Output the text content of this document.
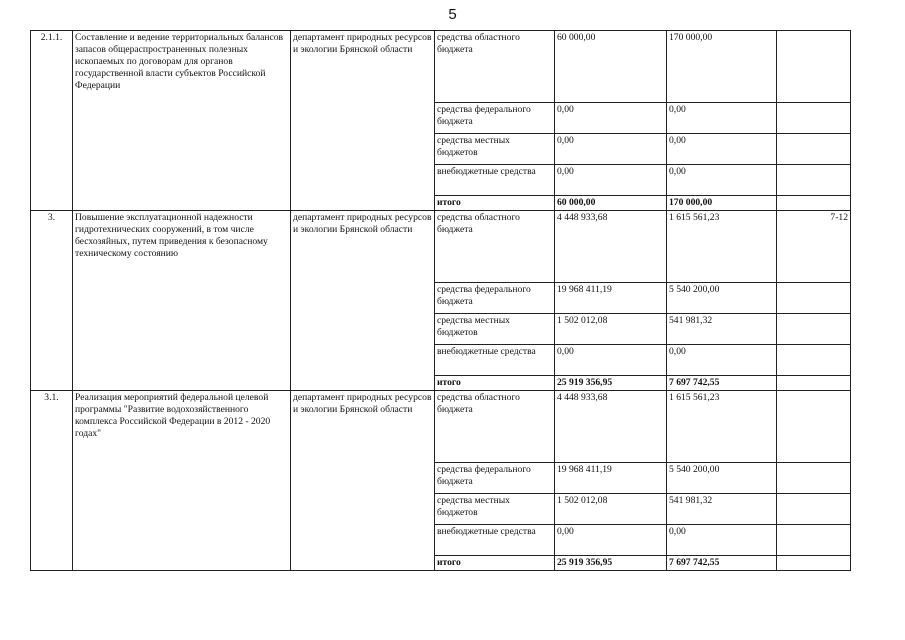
5
2.1.1.	Составление и ведение территориальных балансов запасов общераспространенных полезных ископаемых по договорам для органов государственной власти субъектов Российской Федерации	департамент природных ресурсов и экологии Брянской области	средства областного бюджета	60 000,00	170 000,00	
			средства федерального бюджета	0,00	0,00	
			средства местных бюджетов	0,00	0,00	
			внебюджетные средства	0,00	0,00	
			итого	60 000,00	170 000,00	
3.	Повышение эксплуатационной надежности гидротехнических сооружений, в том числе бесхозяйных, путем приведения к безопасному техническому состоянию	департамент природных ресурсов и экологии Брянской области	средства областного бюджета	4 448 933,68	1 615 561,23	7-12
			средства федерального бюджета	19 968 411,19	5 540 200,00	
			средства местных бюджетов	1 502 012,08	541 981,32	
			внебюджетные средства	0,00	0,00	
			итого	25 919 356,95	7 697 742,55	
3.1.	Реализация мероприятий федеральной целевой программы "Развитие водохозяйственного комплекса Российской Федерации в 2012 - 2020 годах"	департамент природных ресурсов и экологии Брянской области	средства областного бюджета	4 448 933,68	1 615 561,23	
			средства федерального бюджета	19 968 411,19	5 540 200,00	
			средства местных бюджетов	1 502 012,08	541 981,32	
			внебюджетные средства	0,00	0,00	
			итого	25 919 356,95	7 697 742,55	
